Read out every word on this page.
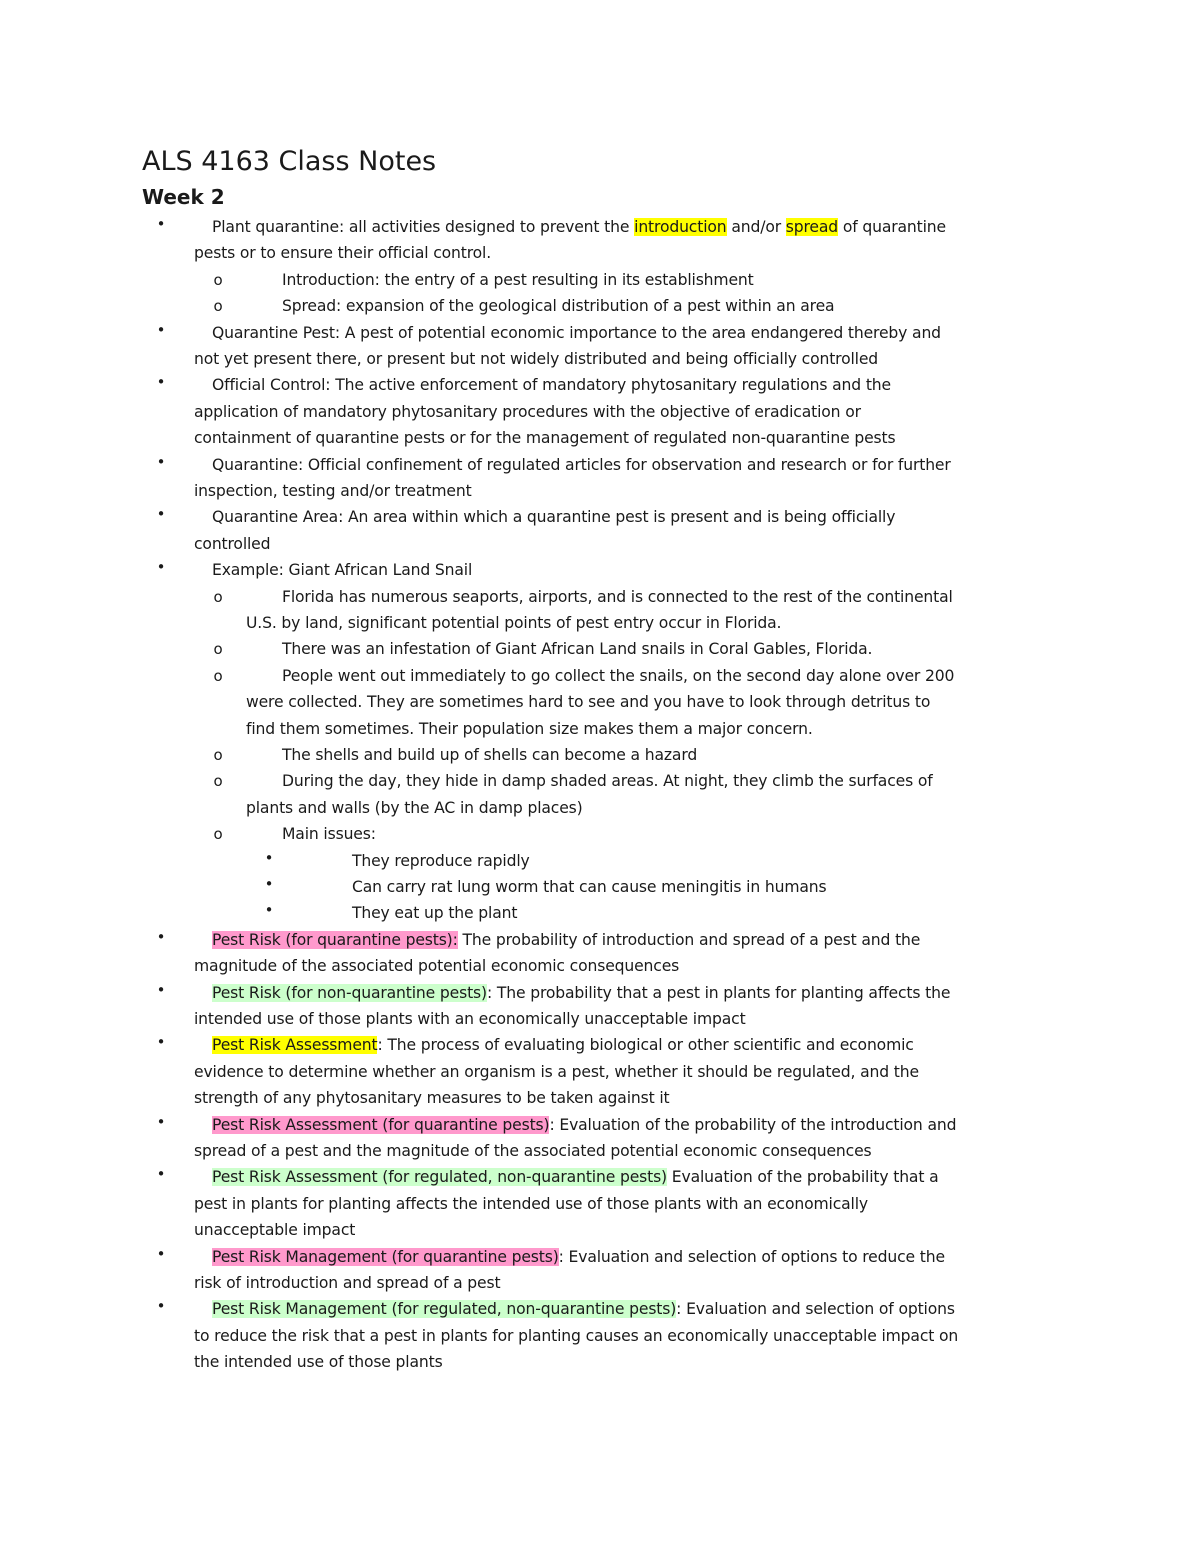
ALS 4163 Class Notes
Week 2
•	Plant quarantine: all activities designed to prevent the introduction and/or spread of quarantine
pests or to ensure their official control.
o	Introduction: the entry of a pest resulting in its establishment
o	Spread: expansion of the geological distribution of a pest within an area
•	Quarantine Pest: A pest of potential economic importance to the area endangered thereby and
not yet present there, or present but not widely distributed and being officially controlled
•	Official Control: The active enforcement of mandatory phytosanitary regulations and the
application of mandatory phytosanitary procedures with the objective of eradication or
containment of quarantine pests or for the management of regulated non-quarantine pests
•	Quarantine: Official confinement of regulated articles for observation and research or for further
inspection, testing and/or treatment
•	Quarantine Area: An area within which a quarantine pest is present and is being officially
controlled
•	Example: Giant African Land Snail
o	Florida has numerous seaports, airports, and is connected to the rest of the continental
U.S. by land, significant potential points of pest entry occur in Florida.
o	There was an infestation of Giant African Land snails in Coral Gables, Florida.
o	People went out immediately to go collect the snails, on the second day alone over 200
were collected. They are sometimes hard to see and you have to look through detritus to
find them sometimes. Their population size makes them a major concern.
o	The shells and build up of shells can become a hazard
o	During the day, they hide in damp shaded areas. At night, they climb the surfaces of
plants and walls (by the AC in damp places)
o	Main issues:
•	They reproduce rapidly
•	Can carry rat lung worm that can cause meningitis in humans
•	They eat up the plant
•	Pest Risk (for quarantine pests): The probability of introduction and spread of a pest and the
magnitude of the associated potential economic consequences
•	Pest Risk (for non-quarantine pests): The probability that a pest in plants for planting affects the
intended use of those plants with an economically unacceptable impact
•	Pest Risk Assessment: The process of evaluating biological or other scientific and economic
evidence to determine whether an organism is a pest, whether it should be regulated, and the
strength of any phytosanitary measures to be taken against it
•	Pest Risk Assessment (for quarantine pests): Evaluation of the probability of the introduction and
spread of a pest and the magnitude of the associated potential economic consequences
•	Pest Risk Assessment (for regulated, non-quarantine pests) Evaluation of the probability that a
pest in plants for planting affects the intended use of those plants with an economically
unacceptable impact
•	Pest Risk Management (for quarantine pests): Evaluation and selection of options to reduce the
risk of introduction and spread of a pest
•	Pest Risk Management (for regulated, non-quarantine pests): Evaluation and selection of options
to reduce the risk that a pest in plants for planting causes an economically unacceptable impact on
the intended use of those plants
